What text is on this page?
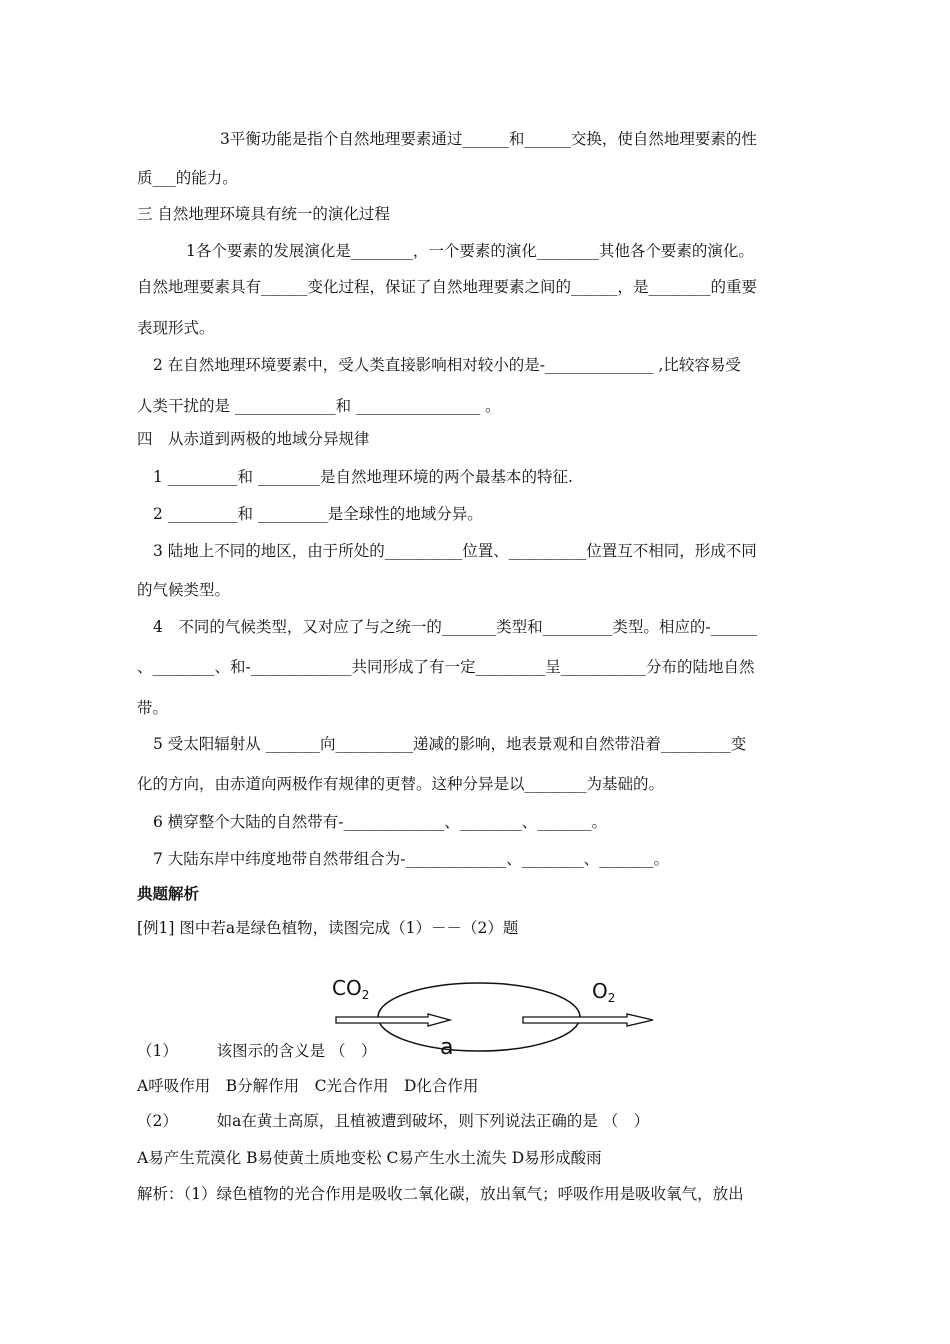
3平衡功能是指个自然地理要素通过______和______交换，使自然地理要素的性
质___的能力。
三 自然地理环境具有统一的演化过程
1各个要素的发展演化是________，一个要素的演化________其他各个要素的演化。
自然地理要素具有______变化过程，保证了自然地理要素之间的______，是________的重要
表现形式。
2 在自然地理环境要素中，受人类直接影响相对较小的是-______________ ,比较容易受
人类干扰的是 _____________和 ________________ 。
四　从赤道到两极的地域分异规律
1 _________和 ________是自然地理环境的两个最基本的特征.
2 _________和 _________是全球性的地域分异。
3 陆地上不同的地区，由于所处的__________位置、__________位置互不相同，形成不同
的气候类型。
4　不同的气候类型，又对应了与之统一的_______类型和_________类型。相应的-______
、________、和-_____________共同形成了有一定_________呈___________分布的陆地自然
带。
5 受太阳辐射从 _______向__________递减的影响，地表景观和自然带沿着_________变
化的方向，由赤道向两极作有规律的更替。这种分异是以________为基础的。
6 横穿整个大陆的自然带有-_____________、________、_______。
7 大陆东岸中纬度地带自然带组合为-_____________、________、_______。
典题解析
[例1] 图中若a是绿色植物，读图完成（1）－－（2）题
$CO_2$	$O_2$
a
（1）　　　该图示的含义是 （　）
A呼吸作用　B分解作用　C光合作用　D化合作用
（2）　　　如a在黄土高原，且植被遭到破坏，则下列说法正确的是 （　）
A易产生荒漠化 B易使黄土质地变松 C易产生水土流失 D易形成酸雨
解析：（1）绿色植物的光合作用是吸收二氧化碳，放出氧气；呼吸作用是吸收氧气，放出
